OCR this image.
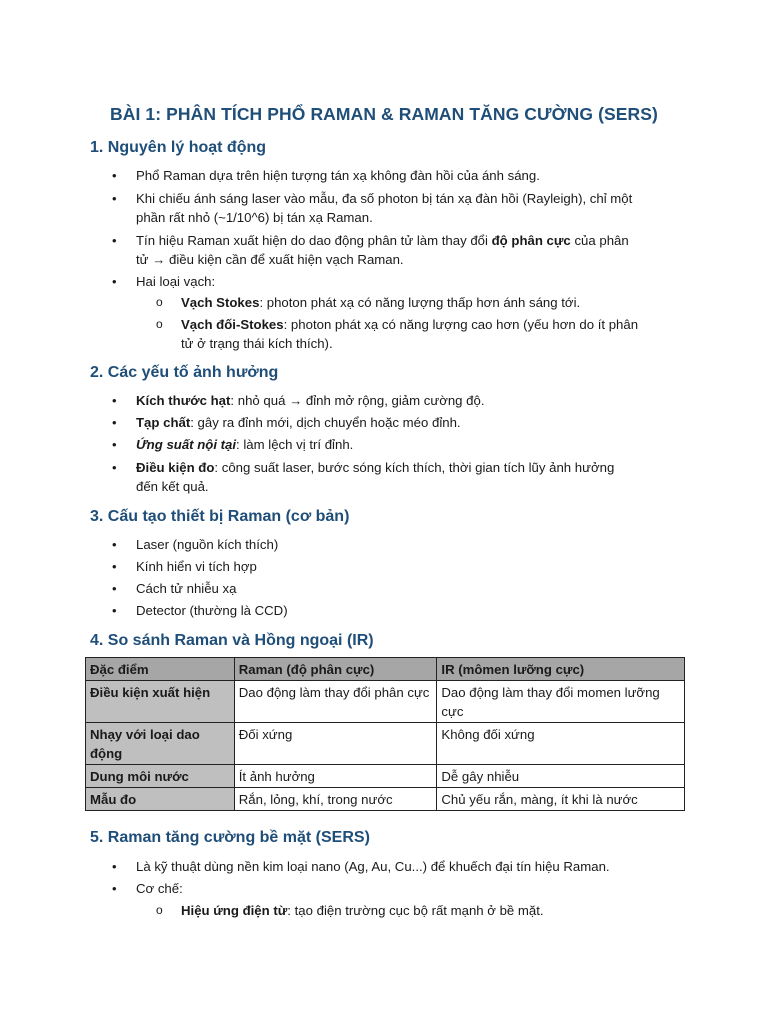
BÀI 1: PHÂN TÍCH PHỔ RAMAN & RAMAN TĂNG CƯỜNG (SERS)
1. Nguyên lý hoạt động
• Phổ Raman dựa trên hiện tượng tán xạ không đàn hồi của ánh sáng.
• Khi chiếu ánh sáng laser vào mẫu, đa số photon bị tán xạ đàn hồi (Rayleigh), chỉ một
phần rất nhỏ (~1/10^6) bị tán xạ Raman.
• Tín hiệu Raman xuất hiện do dao động phân tử làm thay đổi độ phân cực của phân
tử → điều kiện cần để xuất hiện vạch Raman.
• Hai loại vạch:
o Vạch Stokes: photon phát xạ có năng lượng thấp hơn ánh sáng tới.
o Vạch đối-Stokes: photon phát xạ có năng lượng cao hơn (yếu hơn do ít phân
tử ở trạng thái kích thích).
2. Các yếu tố ảnh hưởng
• Kích thước hạt: nhỏ quá → đỉnh mở rộng, giảm cường độ.
• Tạp chất: gây ra đỉnh mới, dịch chuyển hoặc méo đỉnh.
• Ứng suất nội tại: làm lệch vị trí đỉnh.
• Điều kiện đo: công suất laser, bước sóng kích thích, thời gian tích lũy ảnh hưởng
đến kết quả.
3. Cấu tạo thiết bị Raman (cơ bản)
• Laser (nguồn kích thích)
• Kính hiển vi tích hợp
• Cách tử nhiễu xạ
• Detector (thường là CCD)
4. So sánh Raman và Hồng ngoại (IR)
Đặc điểm	Raman (độ phân cực)	IR (mômen lưỡng cực)
Điều kiện xuất hiện	Dao động làm thay đổi phân cực	Dao động làm thay đổi momen lưỡng cực
Nhạy với loại dao động	Đối xứng	Không đối xứng
Dung môi nước	Ít ảnh hưởng	Dễ gây nhiễu
Mẫu đo	Rắn, lỏng, khí, trong nước	Chủ yếu rắn, màng, ít khi là nước
5. Raman tăng cường bề mặt (SERS)
• Là kỹ thuật dùng nền kim loại nano (Ag, Au, Cu...) để khuếch đại tín hiệu Raman.
• Cơ chế:
o Hiệu ứng điện từ: tạo điện trường cục bộ rất mạnh ở bề mặt.
